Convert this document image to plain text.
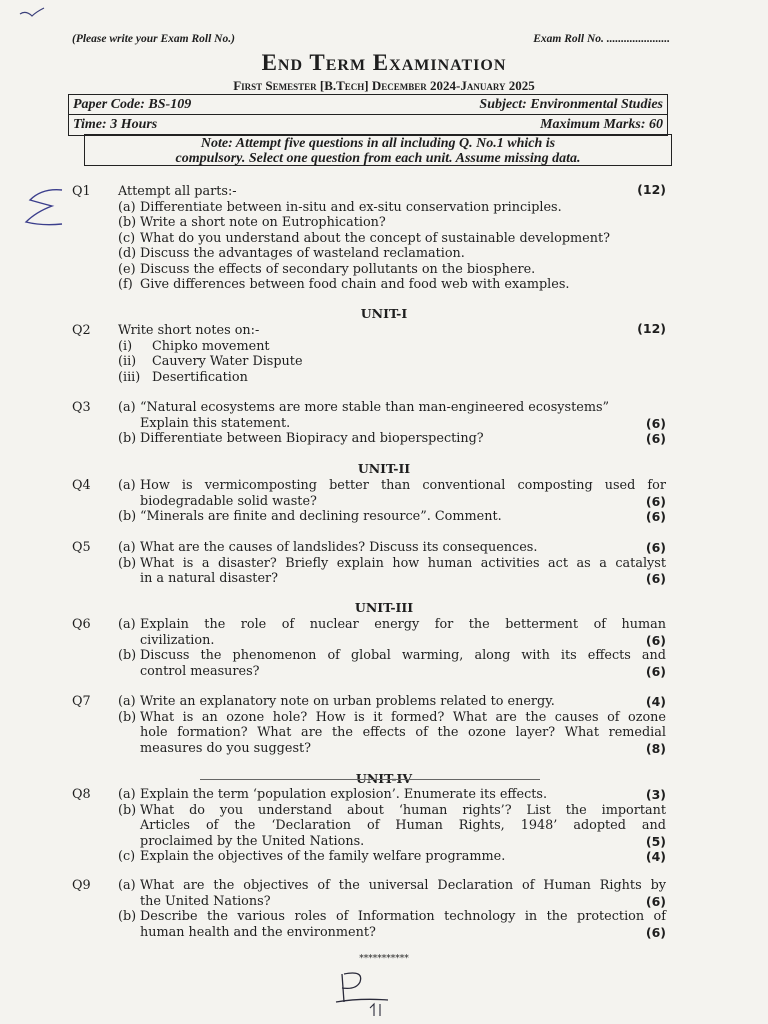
(Please write your Exam Roll No.)	Exam Roll No. ......................
End Term Examination
First Semester [B.Tech] December 2024-January 2025
Paper Code: BS-109	Subject: Environmental Studies
Time: 3 Hours	Maximum Marks: 60
Note: Attempt five questions in all including Q. No.1 which is
compulsory. Select one question from each unit. Assume missing data.
Q1	(12)
Attempt all parts:-
(a) Differentiate between in-situ and ex-situ conservation principles.
(b) Write a short note on Eutrophication?
(c) What do you understand about the concept of sustainable development?
(d) Discuss the advantages of wasteland reclamation.
(e) Discuss the effects of secondary pollutants on the biosphere.
(f) Give differences between food chain and food web with examples.
UNIT-I
Q2	(12)
Write short notes on:-
(i)	Chipko movement
(ii)	Cauvery Water Dispute
(iii) Desertification
Q3 (a) “Natural ecosystems are more stable than man-engineered ecosystems”
Explain this statement.	(6)
(b) Differentiate between Biopiracy and bioperspecting?	(6)
UNIT-II
Q4 (a) How is vermicomposting better than conventional composting used for
biodegradable solid waste?	(6)
(b) “Minerals are finite and declining resource”. Comment.	(6)
Q5 (a) What are the causes of landslides? Discuss its consequences.	(6)
(b) What is a disaster? Briefly explain how human activities act as a catalyst
in a natural disaster?	(6)
UNIT-III
Q6 (a) Explain the role of nuclear energy for the betterment of human
civilization.	(6)
(b) Discuss the phenomenon of global warming, along with its effects and
control measures?	(6)
Q7 (a) Write an explanatory note on urban problems related to energy.	(4)
(b) What is an ozone hole? How is it formed? What are the causes of ozone
hole formation? What are the effects of the ozone layer? What remedial
measures do you suggest?	(8)
UNIT-IV
Q8 (a) Explain the term ‘population explosion’. Enumerate its effects.	(3)
(b) What do you understand about ‘human rights’? List the important
Articles of the ‘Declaration of Human Rights, 1948’ adopted and
proclaimed by the United Nations.	(5)
(c) Explain the objectives of the family welfare programme.	(4)
Q9 (a) What are the objectives of the universal Declaration of Human Rights by
the United Nations?	(6)
(b) Describe the various roles of Information technology in the protection of
human health and the environment?	(6)
***********
